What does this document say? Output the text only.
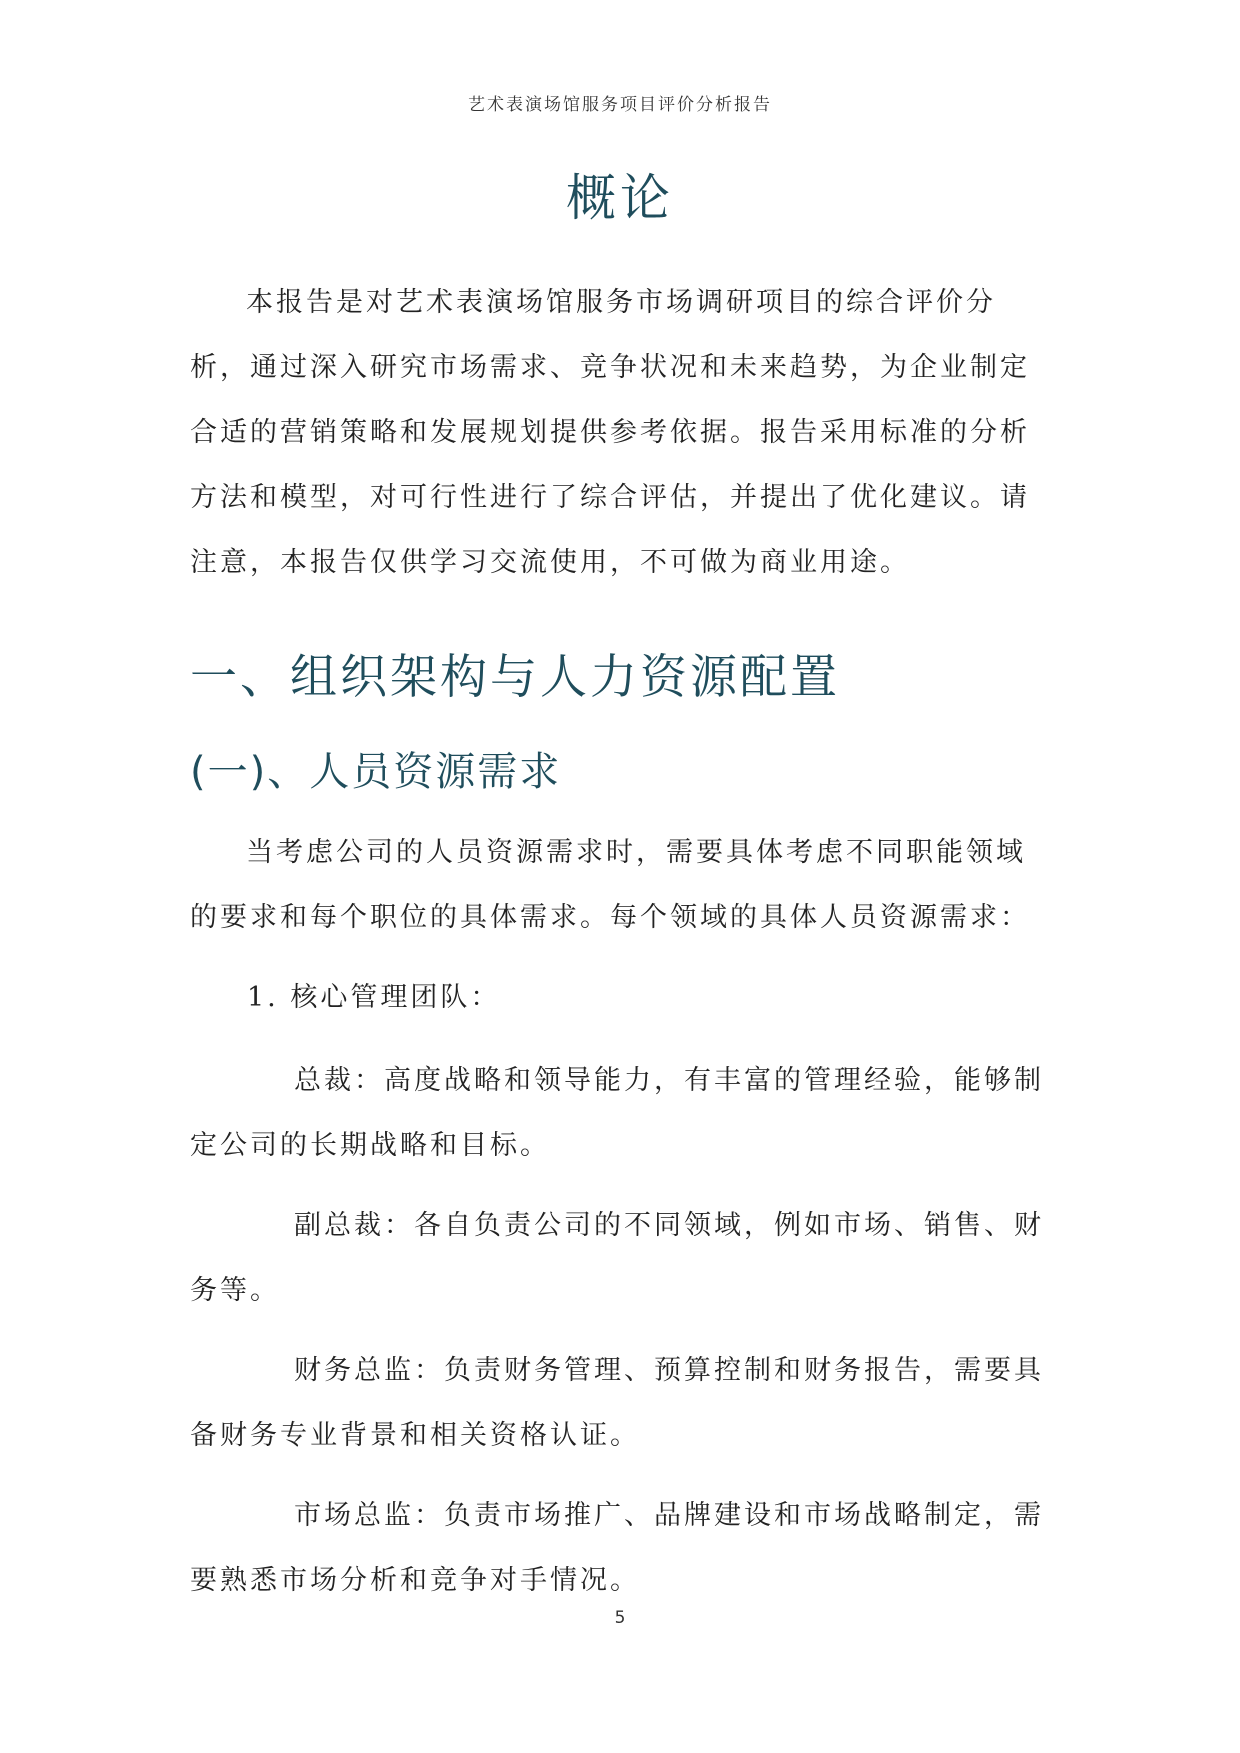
艺术表演场馆服务项目评价分析报告
概论

本报告是对艺术表演场馆服务市场调研项目的综合评价分析，通过深入研究市场需求、竞争状况和未来趋势，为企业制定合适的营销策略和发展规划提供参考依据。报告采用标准的分析方法和模型，对可行性进行了综合评估，并提出了优化建议。请注意，本报告仅供学习交流使用，不可做为商业用途。

一、组织架构与人力资源配置
(一)、人员资源需求

当考虑公司的人员资源需求时，需要具体考虑不同职能领域的要求和每个职位的具体需求。每个领域的具体人员资源需求：

1. 核心管理团队：

总裁：高度战略和领导能力，有丰富的管理经验，能够制定公司的长期战略和目标。

副总裁：各自负责公司的不同领域，例如市场、销售、财务等。

财务总监：负责财务管理、预算控制和财务报告，需要具备财务专业背景和相关资格认证。

市场总监：负责市场推广、品牌建设和市场战略制定，需要熟悉市场分析和竞争对手情况。

5
